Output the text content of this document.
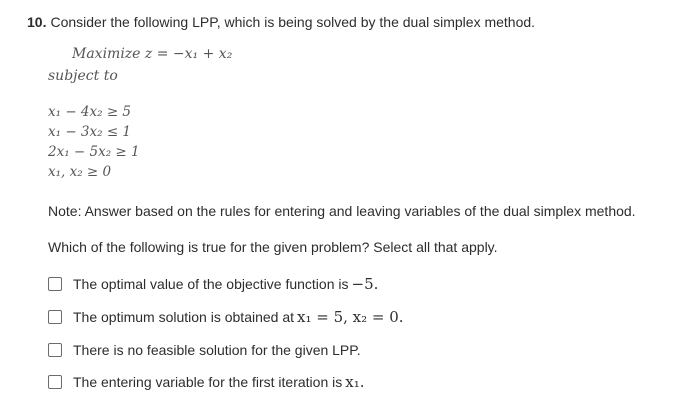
10. Consider the following LPP, which is being solved by the dual simplex method.
Maximize z = −x₁ + x₂
subject to
x₁ − 4x₂ ≥ 5
x₁ − 3x₂ ≤ 1
2x₁ − 5x₂ ≥ 1
x₁, x₂ ≥ 0
Note: Answer based on the rules for entering and leaving variables of the dual simplex method.
Which of the following is true for the given problem? Select all that apply.
The optimal value of the objective function is −5.
The optimum solution is obtained at x₁ = 5, x₂ = 0.
There is no feasible solution for the given LPP.
The entering variable for the first iteration is x₁.
